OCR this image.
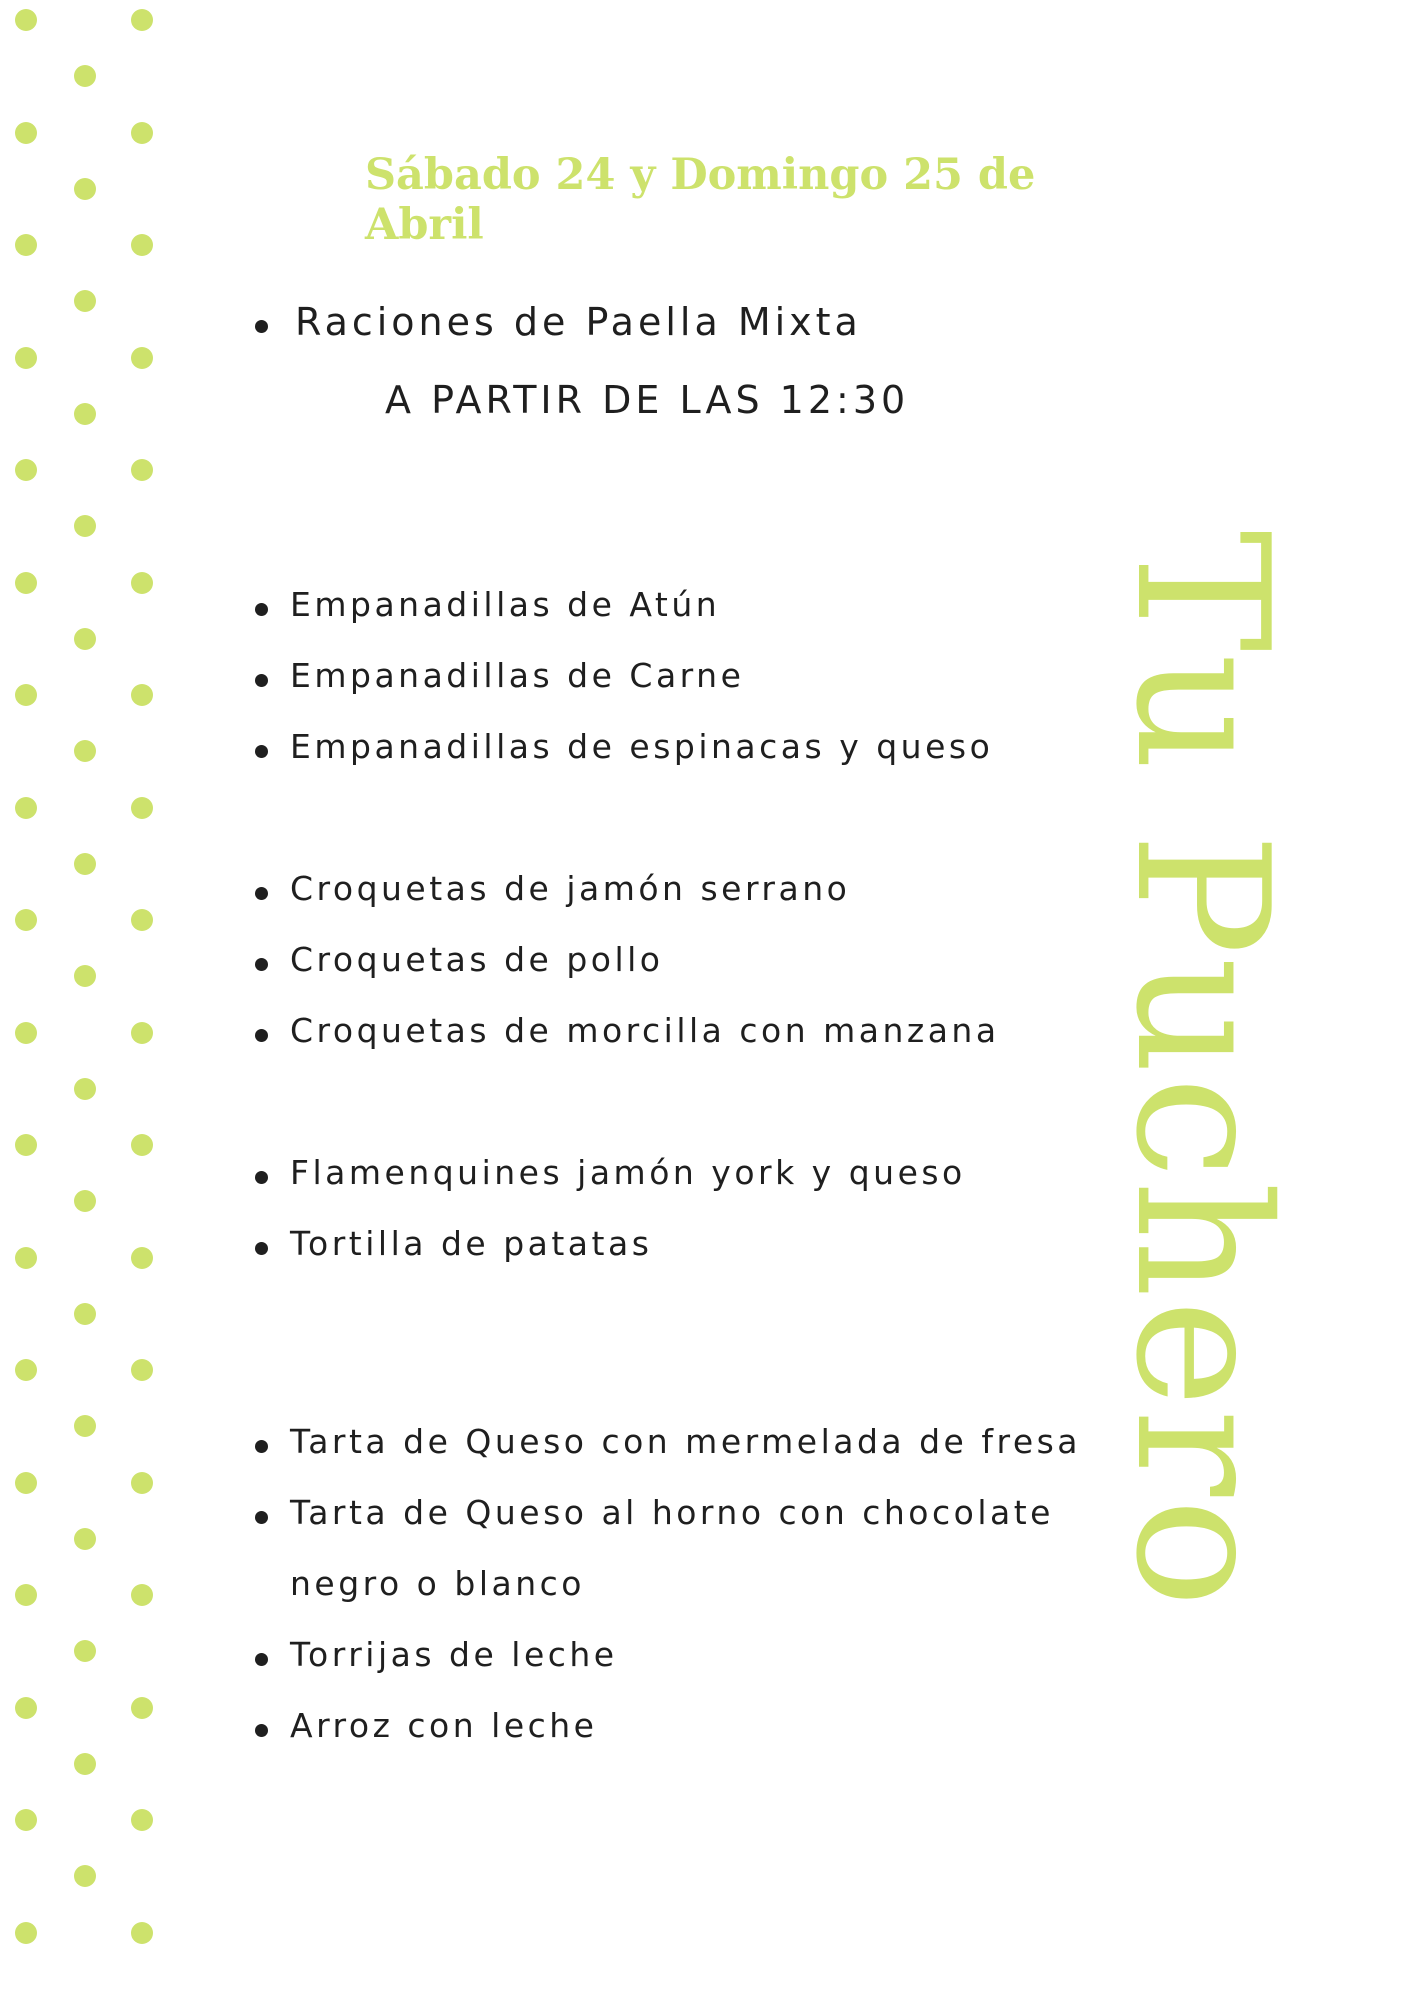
Sábado 24 y Domingo 25 de Abril
Tu Puchero

Raciones de Paella Mixta

A PARTIR DE LAS 12:30

Empanadillas de Atún

Empanadillas de Carne

Empanadillas de espinacas y queso

Croquetas de jamón serrano

Croquetas de pollo

Croquetas de morcilla con manzana

Flamenquines jamón york y queso

Tortilla de patatas

Tarta de Queso con mermelada de fresa

Tarta de Queso al horno con chocolate

negro o blanco

Torrijas de leche

Arroz con leche
